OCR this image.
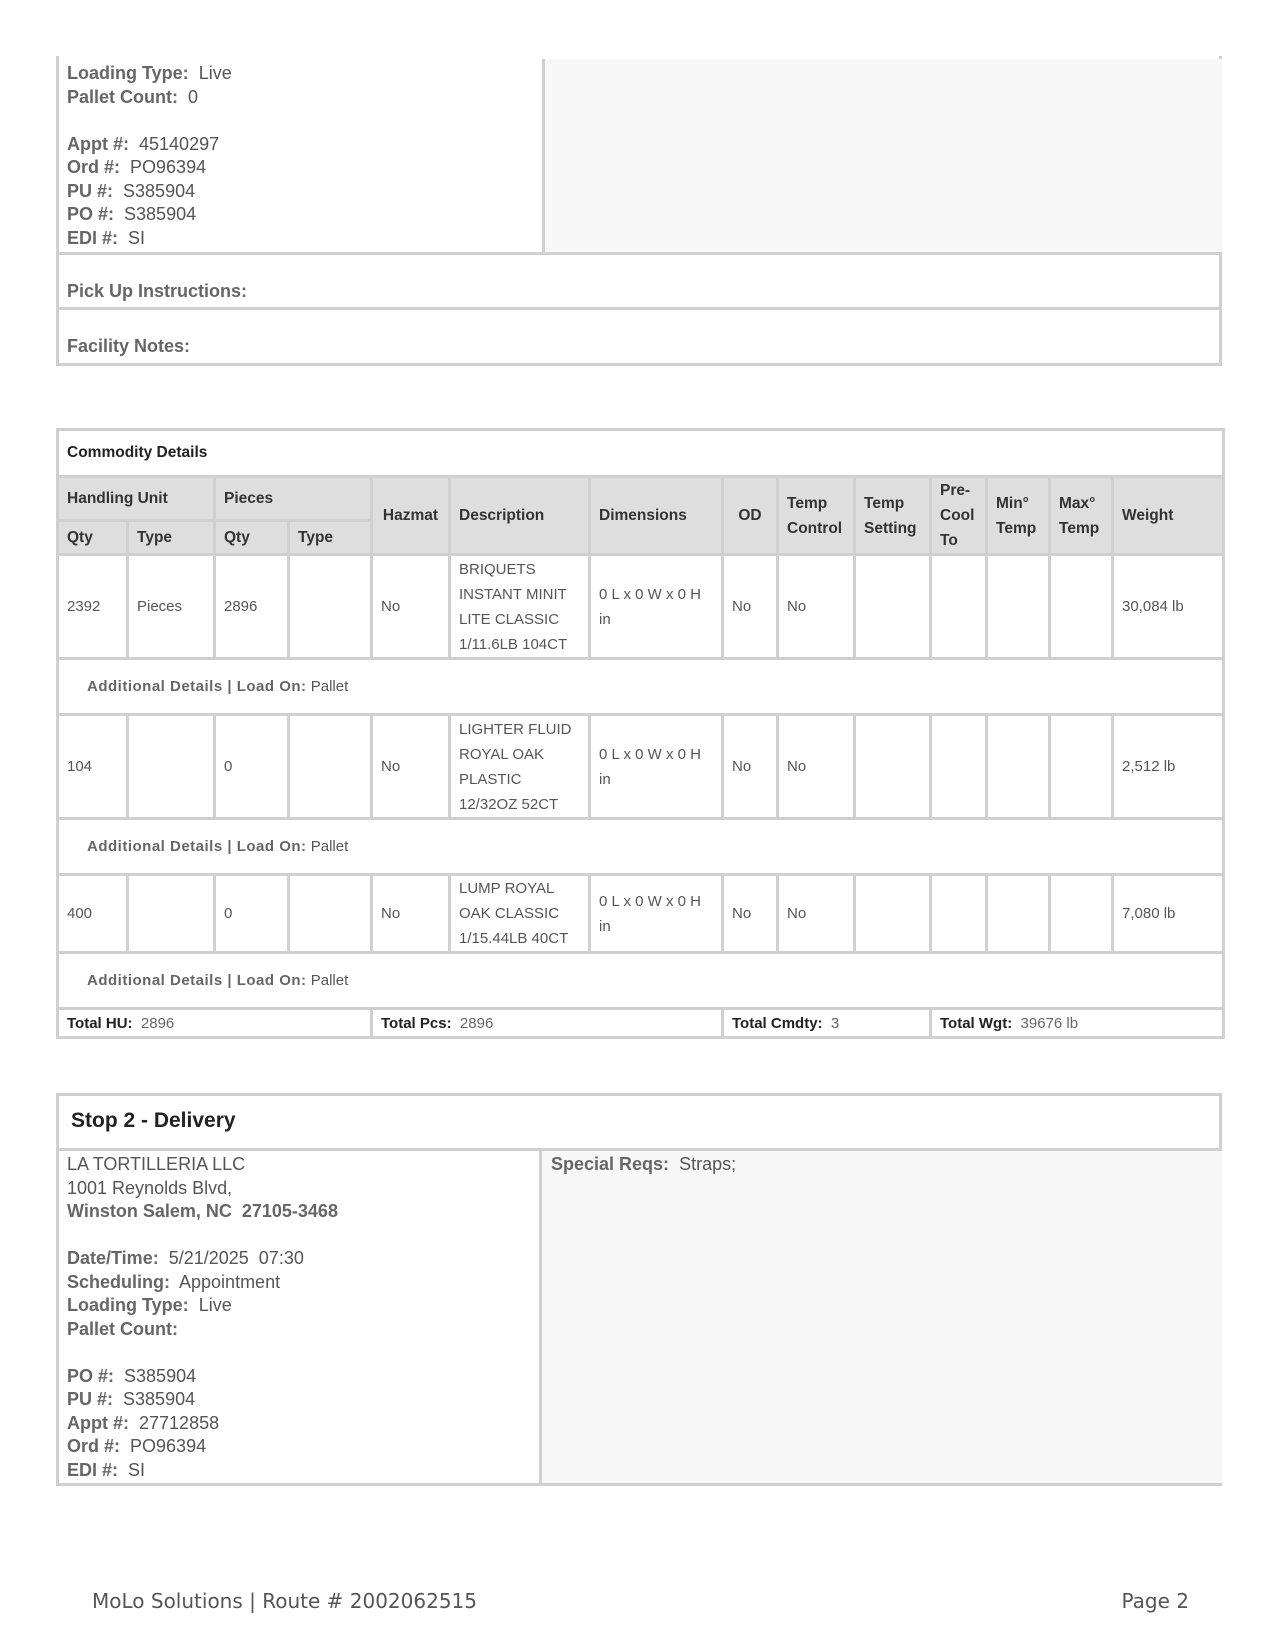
Loading Type: Live
Pallet Count: 0
Appt #: 45140297
Ord #: PO96394
PU #: S385904
PO #: S385904
EDI #: SI
Pick Up Instructions:
Facility Notes:
Commodity Details													
Handling Unit		Pieces		Hazmat	Description	Dimensions	OD	Temp Control	Temp Setting	Pre-Cool To	Min° Temp	Max° Temp	Weight
Qty	Type	Qty	Type										
2392	Pieces	2896		No	BRIQUETS INSTANT MINIT LITE CLASSIC 1/11.6LB 104CT	0 L x 0 W x 0 H in	No	No					30,084 lb
Additional Details | Load On: Pallet													
104		0		No	LIGHTER FLUID ROYAL OAK PLASTIC 12/32OZ 52CT	0 L x 0 W x 0 H in	No	No					2,512 lb
Additional Details | Load On: Pallet													
400		0		No	LUMP ROYAL OAK CLASSIC 1/15.44LB 40CT	0 L x 0 W x 0 H in	No	No					7,080 lb
Additional Details | Load On: Pallet													
Total HU: 2896				Total Pcs: 2896			Total Cmdty: 3			Total Wgt: 39676 lb			
Stop 2 - Delivery
LA TORTILLERIA LLC
1001 Reynolds Blvd,
Winston Salem, NC  27105-3468
Date/Time: 5/21/2025  07:30
Scheduling: Appointment
Loading Type: Live
Pallet Count:
PO #: S385904
PU #: S385904
Appt #: 27712858
Ord #: PO96394
EDI #: SI
Special Reqs: Straps;
MoLo Solutions | Route # 2002062515	Page 2
